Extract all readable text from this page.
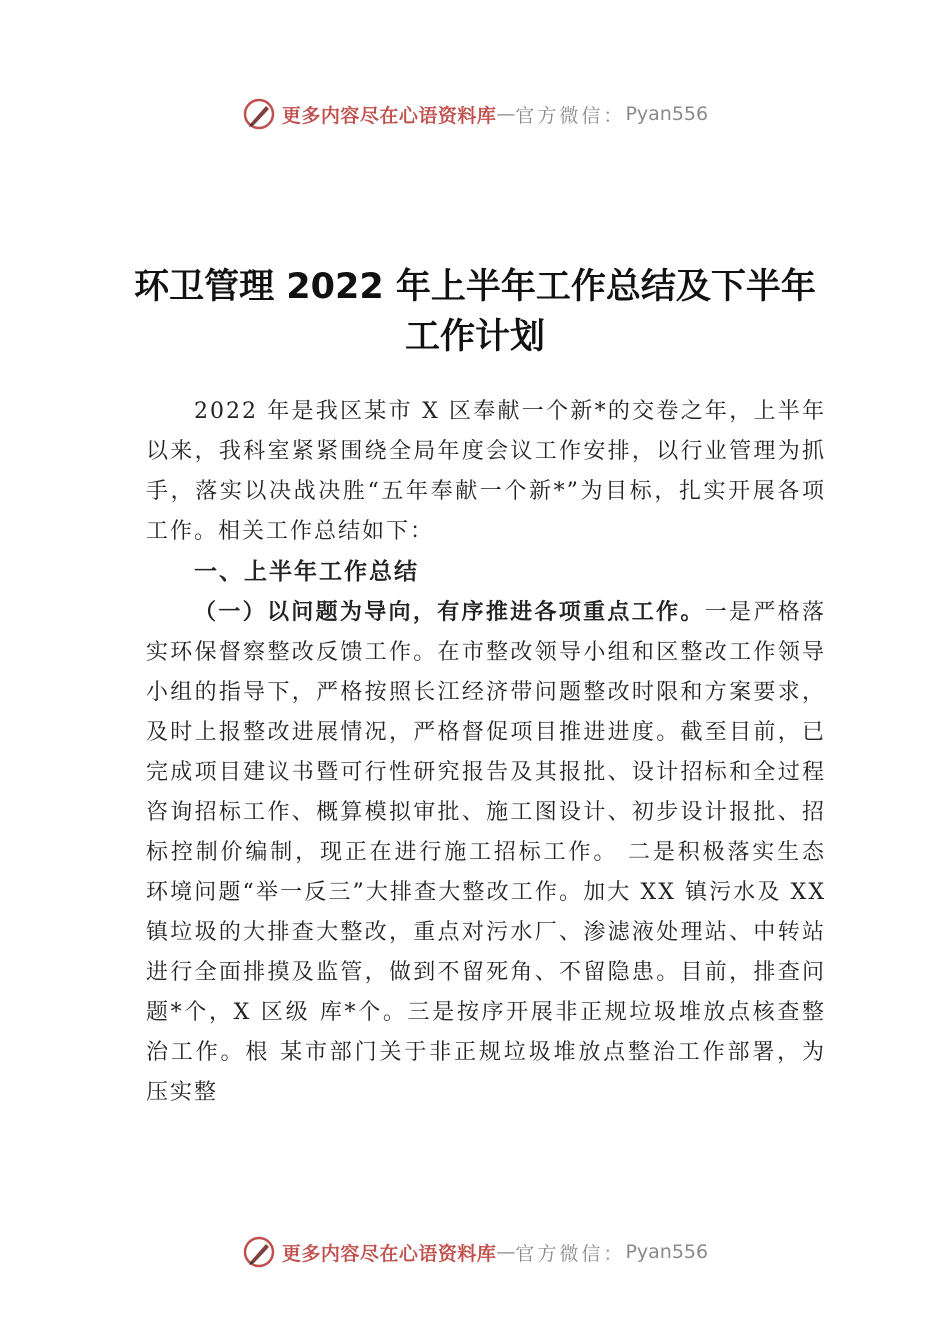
更多内容尽在心语资料库 — 官方微信： Pyan556
环卫管理 2022 年上半年工作总结及下半年
工作计划

2022 年是我区某市 X 区奉献一个新*的交卷之年，上半年以来，我科室紧紧围绕全局年度会议工作安排，以行业管理为抓手，落实以决战决胜“五年奉献一个新*”为目标，扎实开展各项工作。相关工作总结如下：

一、上半年工作总结

（一）以问题为导向，有序推进各项重点工作。一是严格落实环保督察整改反馈工作。在市整改领导小组和区整改工作领导小组的指导下，严格按照长江经济带问题整改时限和方案要求，及时上报整改进展情况，严格督促项目推进进度。截至目前，已完成项目建议书暨可行性研究报告及其报批、设计招标和全过程咨询招标工作、概算模拟审批、施工图设计、初步设计报批、招标控制价编制，现正在进行施工招标工作。 二是积极落实生态环境问题“举一反三”大排查大整改工作。加大 XX 镇污水及 XX 镇垃圾的大排查大整改，重点对污水厂、渗滤液处理站、中转站进行全面排摸及监管，做到不留死角、不留隐患。目前，排查问题*个，X 区级 库*个。三是按序开展非正规垃圾堆放点核查整治工作。根 某市部门关于非正规垃圾堆放点整治工作部署，为压实整

更多内容尽在心语资料库 — 官方微信： Pyan556
